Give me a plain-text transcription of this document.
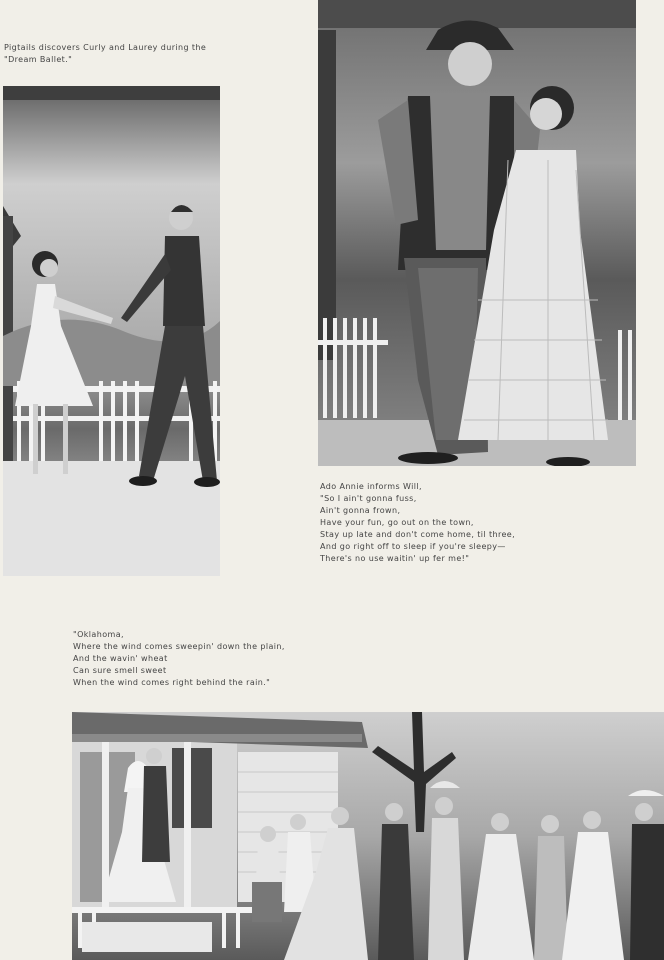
Pigtails discovers Curly and Laurey during the
"Dream Ballet."
Ado Annie informs Will,
"So I ain't gonna fuss,
Ain't gonna frown,
Have your fun, go out on the town,
Stay up late and don't come home, til three,
And go right off to sleep if you're sleepy—
There's no use waitin' up fer me!"
"Oklahoma,
Where the wind comes sweepin' down the plain,
And the wavin' wheat
Can sure smell sweet
When the wind comes right behind the rain."
